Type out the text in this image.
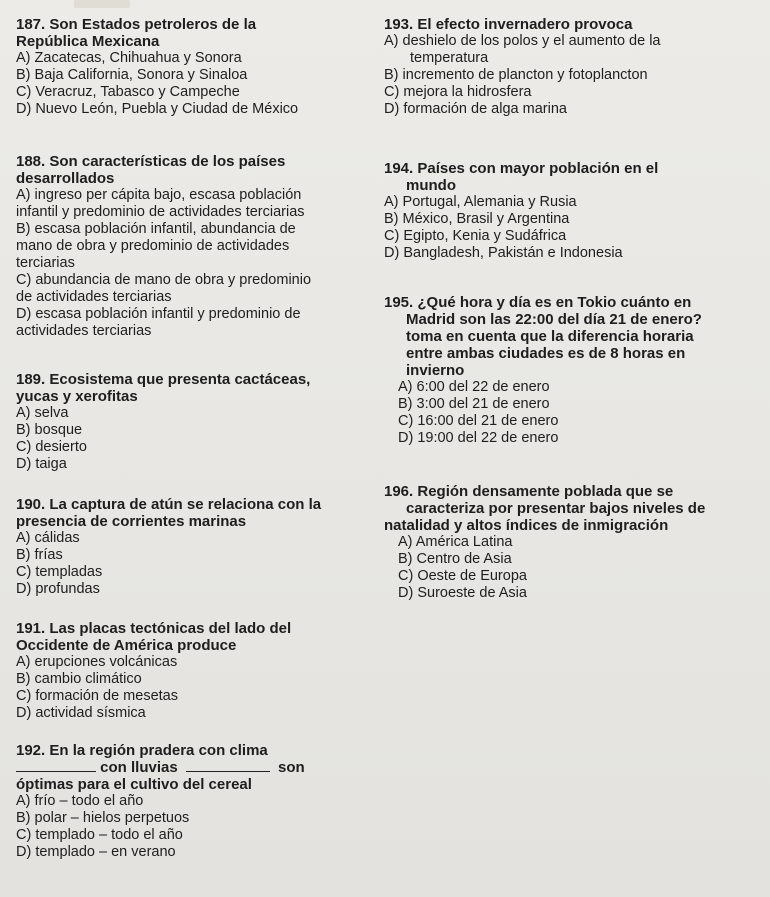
187. Son Estados petroleros de la
República Mexicana

A) Zacatecas, Chihuahua y Sonora
B) Baja California, Sonora y Sinaloa
C) Veracruz, Tabasco y Campeche
D) Nuevo León, Puebla y Ciudad de México

188. Son características de los países
desarrollados

A) ingreso per cápita bajo, escasa población
infantil y predominio de actividades terciarias
B) escasa población infantil, abundancia de
mano de obra y predominio de actividades
terciarias
C) abundancia de mano de obra y predominio
de actividades terciarias
D) escasa población infantil y predominio de
actividades terciarias

189. Ecosistema que presenta cactáceas,
yucas y xerofitas

A) selva
B) bosque
C) desierto
D) taiga

190. La captura de atún se relaciona con la
presencia de corrientes marinas

A) cálidas
B) frías
C) templadas
D) profundas

191. Las placas tectónicas del lado del
Occidente de América produce

A) erupciones volcánicas
B) cambio climático
C) formación de mesetas
D) actividad sísmica

192. En la región pradera con clima
con lluvias	son
óptimas para el cultivo del cereal

A) frío – todo el año
B) polar – hielos perpetuos
C) templado – todo el año
D) templado – en verano

193. El efecto invernadero provoca

A) deshielo de los polos y el aumento de la
temperatura
B) incremento de plancton y fotoplancton
C) mejora la hidrosfera
D) formación de alga marina

194. Países con mayor población en el
mundo

A) Portugal, Alemania y Rusia
B) México, Brasil y Argentina
C) Egipto, Kenia y Sudáfrica
D) Bangladesh, Pakistán e Indonesia

195. ¿Qué hora y día es en Tokio cuánto en
Madrid son las 22:00 del día 21 de enero?
toma en cuenta que la diferencia horaria
entre ambas ciudades es de 8 horas en
invierno

A) 6:00 del 22 de enero
B) 3:00 del 21 de enero
C) 16:00 del 21 de enero
D) 19:00 del 22 de enero

196. Región densamente poblada que se
caracteriza por presentar bajos niveles de
natalidad y altos índices de inmigración

A) América Latina
B) Centro de Asia
C) Oeste de Europa
D) Suroeste de Asia
